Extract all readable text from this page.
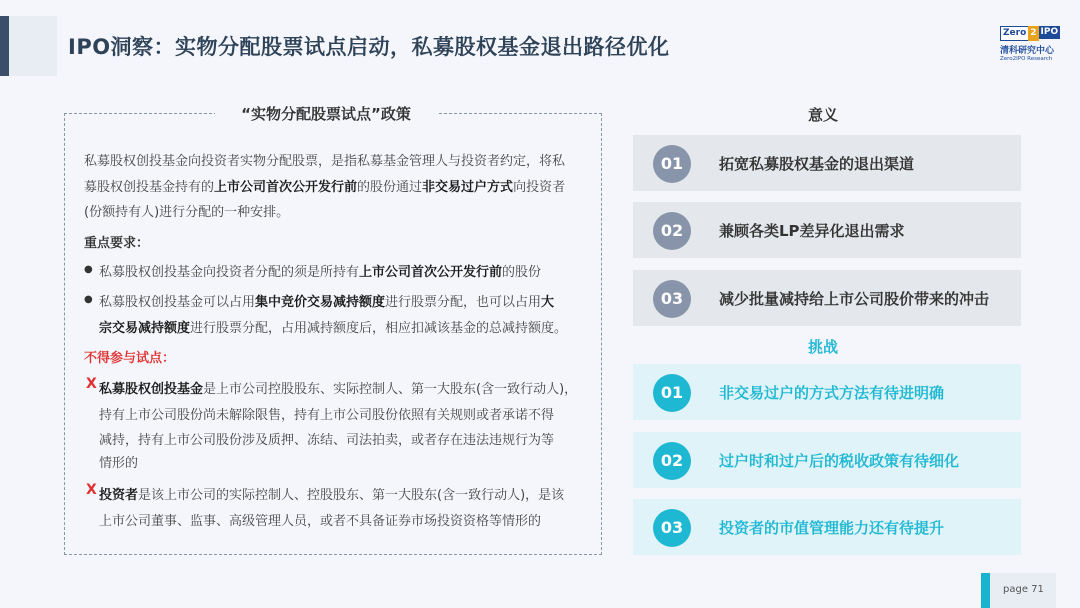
IPO洞察：实物分配股票试点启动，私募股权基金退出路径优化
Zero 2 IPO
清科研究中心
Zero2IPO Research
“实物分配股票试点”政策
私募股权创投基金向投资者实物分配股票，是指私募基金管理人与投资者约定，将私
募股权创投基金持有的上市公司首次公开发行前的股份通过非交易过户方式向投资者
(份额持有人)进行分配的一种安排。
重点要求：
● 私募股权创投基金向投资者分配的须是所持有上市公司首次公开发行前的股份
● 私募股权创投基金可以占用集中竞价交易减持额度进行股票分配，也可以占用大
宗交易减持额度进行股票分配，占用减持额度后，相应扣减该基金的总减持额度。
不得参与试点：
X 私募股权创投基金是上市公司控股股东、实际控制人、第一大股东(含一致行动人)，
持有上市公司股份尚未解除限售，持有上市公司股份依照有关规则或者承诺不得
减持，持有上市公司股份涉及质押、冻结、司法拍卖，或者存在违法违规行为等
情形的
X 投资者是该上市公司的实际控制人、控股股东、第一大股东(含一致行动人)，是该
上市公司董事、监事、高级管理人员，或者不具备证券市场投资资格等情形的
意义
01	拓宽私募股权基金的退出渠道
02	兼顾各类LP差异化退出需求
03	减少批量减持给上市公司股价带来的冲击
挑战
01	非交易过户的方式方法有待进明确
02	过户时和过户后的税收政策有待细化
03	投资者的市值管理能力还有待提升
page 71
